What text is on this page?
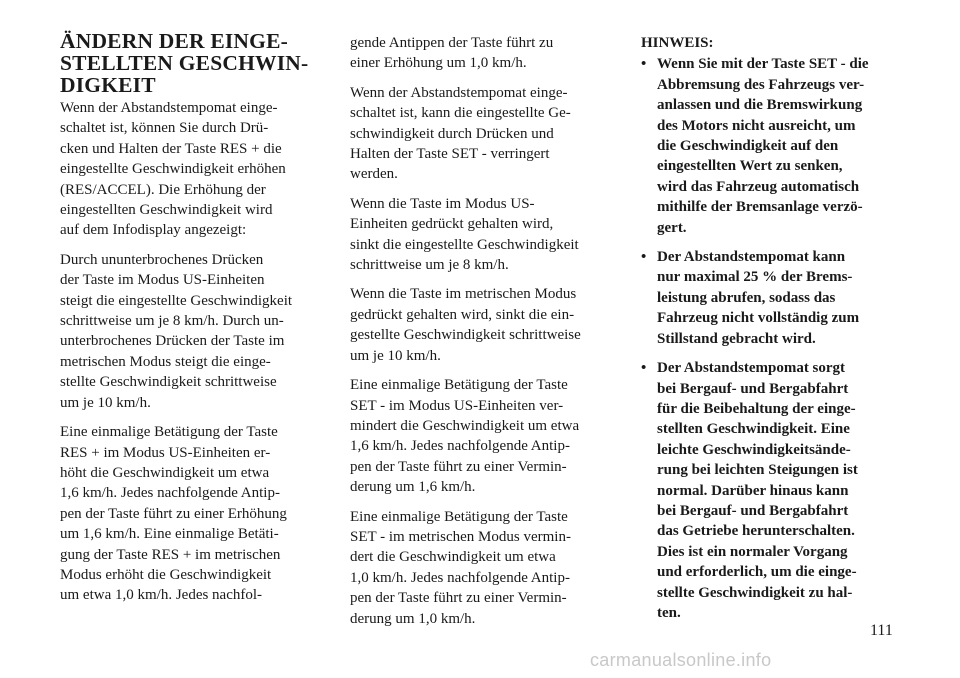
ÄNDERN DER EINGE-
STELLTEN GESCHWIN-
DIGKEIT

Wenn der Abstandstempomat einge-
schaltet ist, können Sie durch Drü-
cken und Halten der Taste RES + die
eingestellte Geschwindigkeit erhöhen
(RES/ACCEL). Die Erhöhung der
eingestellten Geschwindigkeit wird
auf dem Infodisplay angezeigt:

Durch ununterbrochenes Drücken
der Taste im Modus US-Einheiten
steigt die eingestellte Geschwindigkeit
schrittweise um je 8 km/h. Durch un-
unterbrochenes Drücken der Taste im
metrischen Modus steigt die einge-
stellte Geschwindigkeit schrittweise
um je 10 km/h.

Eine einmalige Betätigung der Taste
RES + im Modus US-Einheiten er-
höht die Geschwindigkeit um etwa
1,6 km/h. Jedes nachfolgende Antip-
pen der Taste führt zu einer Erhöhung
um 1,6 km/h. Eine einmalige Betäti-
gung der Taste RES + im metrischen
Modus erhöht die Geschwindigkeit
um etwa 1,0 km/h. Jedes nachfol-

gende Antippen der Taste führt zu
einer Erhöhung um 1,0 km/h.

Wenn der Abstandstempomat einge-
schaltet ist, kann die eingestellte Ge-
schwindigkeit durch Drücken und
Halten der Taste SET - verringert
werden.

Wenn die Taste im Modus US-
Einheiten gedrückt gehalten wird,
sinkt die eingestellte Geschwindigkeit
schrittweise um je 8 km/h.

Wenn die Taste im metrischen Modus
gedrückt gehalten wird, sinkt die ein-
gestellte Geschwindigkeit schrittweise
um je 10 km/h.

Eine einmalige Betätigung der Taste
SET - im Modus US-Einheiten ver-
mindert die Geschwindigkeit um etwa
1,6 km/h. Jedes nachfolgende Antip-
pen der Taste führt zu einer Vermin-
derung um 1,6 km/h.

Eine einmalige Betätigung der Taste
SET - im metrischen Modus vermin-
dert die Geschwindigkeit um etwa
1,0 km/h. Jedes nachfolgende Antip-
pen der Taste führt zu einer Vermin-
derung um 1,0 km/h.

HINWEIS:
• Wenn Sie mit der Taste SET - die
Abbremsung des Fahrzeugs ver-
anlassen und die Bremswirkung
des Motors nicht ausreicht, um
die Geschwindigkeit auf den
eingestellten Wert zu senken,
wird das Fahrzeug automatisch
mithilfe der Bremsanlage verzö-
gert.
• Der Abstandstempomat kann
nur maximal 25 % der Brems-
leistung abrufen, sodass das
Fahrzeug nicht vollständig zum
Stillstand gebracht wird.
• Der Abstandstempomat sorgt
bei Bergauf- und Bergabfahrt
für die Beibehaltung der einge-
stellten Geschwindigkeit. Eine
leichte Geschwindigkeitsände-
rung bei leichten Steigungen ist
normal. Darüber hinaus kann
bei Bergauf- und Bergabfahrt
das Getriebe herunterschalten.
Dies ist ein normaler Vorgang
und erforderlich, um die einge-
stellte Geschwindigkeit zu hal-
ten.
111
carmanualsonline.info
